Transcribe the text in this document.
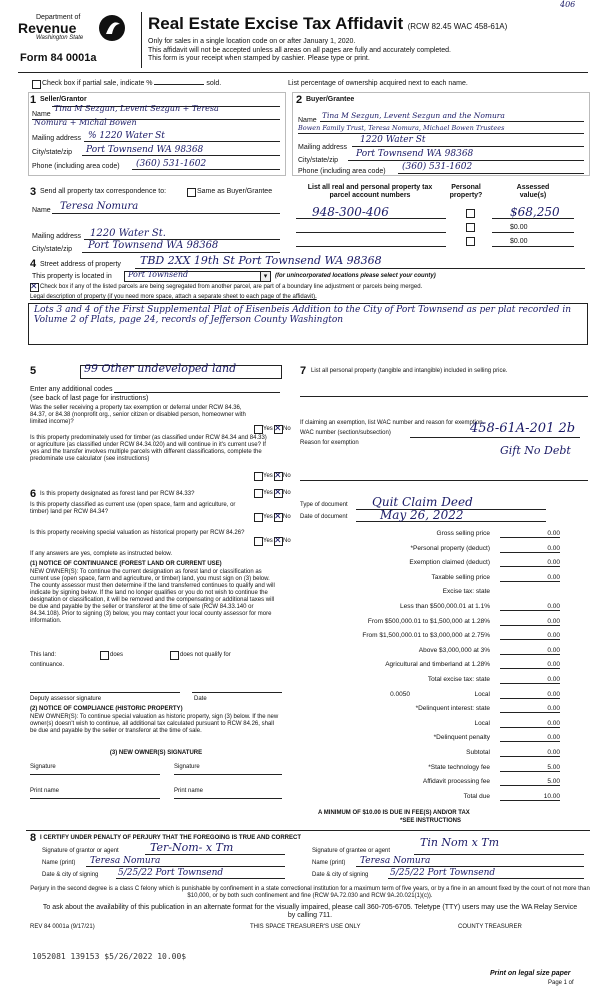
406
Department of
Revenue
Washington State
Form 84 0001a
Real Estate Excise Tax Affidavit (RCW 82.45 WAC 458-61A)
Only for sales in a single location code on or after January 1, 2020.
This affidavit will not be accepted unless all areas on all pages are fully and accurately completed.
This form is your receipt when stamped by cashier. Please type or print.
Check box if partial sale, indicate %	sold.	List percentage of ownership acquired next to each name.
1 Seller/Grantor
Name
Tina M Sezgun, Levent Sezgun + Teresa
Nomura + Michal Bowen
Mailing address % 1220 Water St
City/state/zip Port Townsend WA 98368
Phone (including area code) (360) 531-1602
2 Buyer/Grantee
Name
Tina M Sezgun, Levent Sezgun and the Nomura
Bowen Family Trust, Teresa Nomura, Michael Bowen Trustees
Mailing address
1220 Water St
City/state/zip
Port Townsend WA 98368
Phone (including area code) (360) 531-1602
3 Send all property tax correspondence to:	Same as Buyer/Grantee
Name Teresa Nomura
Mailing address 1220 Water St.
City/state/zip Port Townsend WA 98368
List all real and personal property tax parcel account numbers
Personal property?
Assessed value(s)
948-300-406	$68,250
$0.00
$0.00
4 Street address of property TBD 2XX 19th St Port Townsend WA 98368
This property is located in Port Townsend	▾	(for unincorporated locations please select your county)
✕
Check box if any of the listed parcels are being segregated from another parcel, are part of a boundary line adjustment or parcels being merged.
Legal description of property (if you need more space, attach a separate sheet to each page of the affidavit).
Lots 3 and 4 of the First Supplemental Plat of Eisenbeis Addition to the City of Port Townsend as per plat recorded in Volume 2 of Plats, page 24, records of Jefferson County Washington
5	99 Other undeveloped land
Enter any additional codes
(see back of last page for instructions)
Was the seller receiving a property tax exemption or deferral under RCW 84.36, 84.37, or 84.38 (nonprofit org., senior citizen or disabled person, homeowner with limited income)?
Yes ✕ No
Is this property predominately used for timber (as classified under RCW 84.34 and 84.33) or agriculture (as classified under RCW 84.34.020) and will continue in it's current use? If yes and the transfer involves multiple parcels with different classifications, complete the predominate use calculator (see instructions)
Yes ✕ No
6 Is this property designated as forest land per RCW 84.33?	Yes ✕ No
Is this property classified as current use (open space, farm and agriculture, or timber) land per RCW 84.34?
Yes ✕ No
Is this property receiving special valuation as historical property per RCW 84.26?
Yes ✕ No
If any answers are yes, complete as instructed below.
(1) NOTICE OF CONTINUANCE (FOREST LAND OR CURRENT USE)
NEW OWNER(S): To continue the current designation as forest land or classification as current use (open space, farm and agriculture, or timber) land, you must sign on (3) below. The county assessor must then determine if the land transferred continues to qualify and will indicate by signing below. If the land no longer qualifies or you do not wish to continue the designation or classification, it will be removed and the compensating or additional taxes will be due and payable by the seller or transferor at the time of sale (RCW 84.33.140 or 84.34.108). Prior to signing (3) below, you may contact your local county assessor for more information.
This land:	does	does not qualify for
continuance.
Deputy assessor signature	Date
(2) NOTICE OF COMPLIANCE (HISTORIC PROPERTY)
NEW OWNER(S): To continue special valuation as historic property, sign (3) below. If the new owner(s) doesn't wish to continue, all additional tax calculated pursuant to RCW 84.26, shall be due and payable by the seller or transferor at the time of sale.
(3) NEW OWNER(S) SIGNATURE
Signature	Signature
Print name	Print name
7 List all personal property (tangible and intangible) included in selling price.
If claiming an exemption, list WAC number and reason for exemption.
WAC number (section/subsection)	458-61A-201 2b
Reason for exemption
Gift No Debt
Type of document Quit Claim Deed
Date of document	May 26, 2022
Gross selling price	0.00
*Personal property (deduct)	0.00
Exemption claimed (deduct)	0.00
Taxable selling price	0.00
Excise tax: state
Less than $500,000.01 at 1.1%	0.00
From $500,000.01 to $1,500,000 at 1.28%	0.00
From $1,500,000.01 to $3,000,000 at 2.75%	0.00
Above $3,000,000 at 3%	0.00
Agricultural and timberland at 1.28%	0.00
Total excise tax: state	0.00
Local
0.0050	0.00
*Delinquent interest: state	0.00
Local	0.00
*Delinquent penalty	0.00
Subtotal	0.00
*State technology fee	5.00
Affidavit processing fee	5.00
Total due	10.00
A MINIMUM OF $10.00 IS DUE IN FEE(S) AND/OR TAX
*SEE INSTRUCTIONS
8 I CERTIFY UNDER PENALTY OF PERJURY THAT THE FOREGOING IS TRUE AND CORRECT
Signature of grantor or agent	Ter-Nom- x Tm
Name (print) Teresa Nomura
Date & city of signing 5/25/22 Port Townsend
Signature of grantee or agent
Tin Nom x Tm
Name (print) Teresa Nomura
Date & city of signing 5/25/22 Port Townsend
Perjury in the second degree is a class C felony which is punishable by confinement in a state correctional institution for a maximum term of five years, or by a fine in an amount fixed by the court of not more than $10,000, or by both such confinement and fine (RCW 9A.72.030 and RCW 9A.20.021(1)(c)).
To ask about the availability of this publication in an alternate format for the visually impaired, please call 360-705-6705. Teletype (TTY) users may use the WA Relay Service by calling 711.
REV 84 0001a (9/17/21)	THIS SPACE TREASURER'S USE ONLY	COUNTY TREASURER
1052081 139153 $5/26/2022 10.00$
Print on legal size paper
Page 1 of
